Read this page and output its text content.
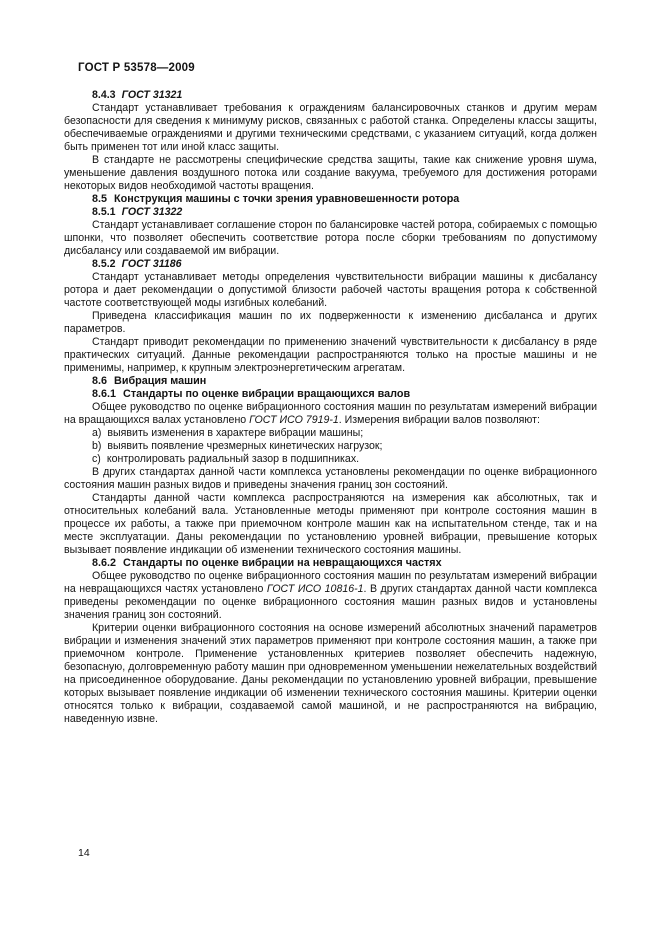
ГОСТ Р 53578—2009

8.4.3 ГОСТ 31321

Стандарт устанавливает требования к ограждениям балансировочных станков и другим мерам безопасности для сведения к минимуму рисков, связанных с работой станка. Определены классы защиты, обеспечиваемые ограждениями и другими техническими средствами, с указанием ситуаций, когда должен быть применен тот или иной класс защиты.

В стандарте не рассмотрены специфические средства защиты, такие как снижение уровня шума, уменьшение давления воздушного потока или создание вакуума, требуемого для достижения роторами некоторых видов необходимой частоты вращения.

8.5 Конструкция машины с точки зрения уравновешенности ротора

8.5.1 ГОСТ 31322

Стандарт устанавливает соглашение сторон по балансировке частей ротора, собираемых с помощью шпонки, что позволяет обеспечить соответствие ротора после сборки требованиям по допустимому дисбалансу или создаваемой им вибрации.

8.5.2 ГОСТ 31186

Стандарт устанавливает методы определения чувствительности вибрации машины к дисбалансу ротора и дает рекомендации о допустимой близости рабочей частоты вращения ротора к собственной частоте соответствующей моды изгибных колебаний.

Приведена классификация машин по их подверженности к изменению дисбаланса и других параметров.

Стандарт приводит рекомендации по применению значений чувствительности к дисбалансу в ряде практических ситуаций. Данные рекомендации распространяются только на простые машины и не применимы, например, к крупным электроэнергетическим агрегатам.

8.6 Вибрация машин

8.6.1 Стандарты по оценке вибрации вращающихся валов

Общее руководство по оценке вибрационного состояния машин по результатам измерений вибрации на вращающихся валах установлено ГОСТ ИСО 7919-1. Измерения вибрации валов позволяют:

a) выявить изменения в характере вибрации машины;

b) выявить появление чрезмерных кинетических нагрузок;

c) контролировать радиальный зазор в подшипниках.

В других стандартах данной части комплекса установлены рекомендации по оценке вибрационного состояния машин разных видов и приведены значения границ зон состояний.

Стандарты данной части комплекса распространяются на измерения как абсолютных, так и относительных колебаний вала. Установленные методы применяют при контроле состояния машин в процессе их работы, а также при приемочном контроле машин как на испытательном стенде, так и на месте эксплуатации. Даны рекомендации по установлению уровней вибрации, превышение которых вызывает появление индикации об изменении технического состояния машины.

8.6.2 Стандарты по оценке вибрации на невращающихся частях

Общее руководство по оценке вибрационного состояния машин по результатам измерений вибрации на невращающихся частях установлено ГОСТ ИСО 10816-1. В других стандартах данной части комплекса приведены рекомендации по оценке вибрационного состояния машин разных видов и установлены значения границ зон состояний.

Критерии оценки вибрационного состояния на основе измерений абсолютных значений параметров вибрации и изменения значений этих параметров применяют при контроле состояния машин, а также при приемочном контроле. Применение установленных критериев позволяет обеспечить надежную, безопасную, долговременную работу машин при одновременном уменьшении нежелательных воздействий на присоединенное оборудование. Даны рекомендации по установлению уровней вибрации, превышение которых вызывает появление индикации об изменении технического состояния машины. Критерии оценки относятся только к вибрации, создаваемой самой машиной, и не распространяются на вибрацию, наведенную извне.

14
